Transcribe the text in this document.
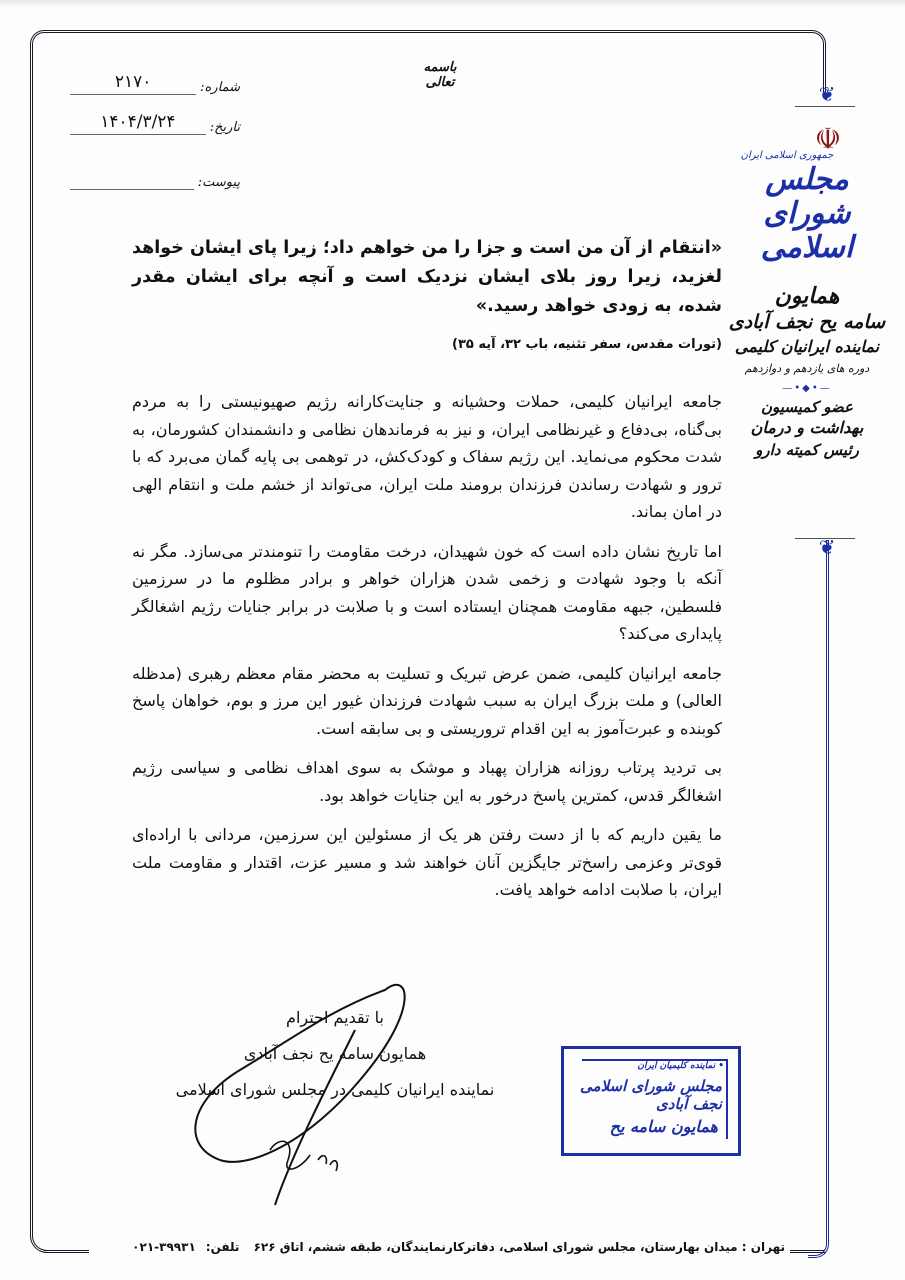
❦
☫
جمهوری اسلامی ایران
مجلس شورای اسلامی
همایون
سامه یح نجف آبادی
نماینده ایرانیان کلیمی
دوره های یازدهم و دوازدهم
—•◆•—
عضو کمیسیون
بهداشت و درمان
رئیس کمیته دارو
❦
باسمه تعالی
شماره:
۲۱۷۰
تاریخ:
۱۴۰۴/۳/۲۴
پیوست:

«انتقام از آن من است و جزا را من خواهم داد؛ زیرا پای ایشان خواهد لغزید، زیرا روز بلای ایشان نزدیک است و آنچه برای ایشان مقدر شده، به زودی خواهد رسید.»

(تورات مقدس، سفر تثنیه، باب ۳۲، آیه ۳۵)

جامعه ایرانیان کلیمی، حملات وحشیانه و جنایت‌کارانه رژیم صهیونیستی را به مردم بی‌گناه، بی‌دفاع و غیرنظامی ایران، و نیز به فرماندهان نظامی و دانشمندان کشورمان، به شدت محکوم می‌نماید. این رژیم سفاک و کودک‌کش، در توهمی بی پایه گمان می‌برد که با ترور و شهادت رساندن فرزندان برومند ملت ایران، می‌تواند از خشم ملت و انتقام الهی در امان بماند.

اما تاریخ نشان داده است که خون شهیدان، درخت مقاومت را تنومندتر می‌سازد. مگر نه آنکه با وجود شهادت و زخمی شدن هزاران خواهر و برادر مظلوم ما در سرزمین فلسطین، جبهه مقاومت همچنان ایستاده است و با صلابت در برابر جنایات رژیم اشغالگر پایداری می‌کند؟

جامعه ایرانیان کلیمی، ضمن عرض تبریک و تسلیت به محضر مقام معظم رهبری (مدظله العالی) و ملت بزرگ ایران به سبب شهادت فرزندان غیور این مرز و بوم، خواهان پاسخ کوبنده و عبرت‌آموز به این اقدام تروریستی و بی سابقه است.

بی تردید پرتاب روزانه هزاران پهباد و موشک به سوی اهداف نظامی و سیاسی رژیم اشغالگر قدس، کمترین پاسخ درخور به این جنایات خواهد بود.

ما یقین داریم که با از دست رفتن هر یک از مسئولین این سرزمین، مردانی با اراده‌ای قوی‌تر وعزمی راسخ‌تر جایگزین آنان خواهند شد و مسیر عزت، اقتدار و مقاومت ملت ایران، با صلابت ادامه خواهد یافت.

با تقدیم احترام
همایون سامه یح نجف آبادی
نماینده ایرانیان کلیمی در مجلس شورای اسلامی
• نماینده کلیمیان ایران
مجلس شورای اسلامی نجف آبادی
همایون سامه یح
تهران : میدان بهارستان، مجلس شورای اسلامی، دفاترکارنمایندگان، طبقه ششم، اتاق ۶۲۶ تلفن:۳۹۹۳۱-۰۲۱
